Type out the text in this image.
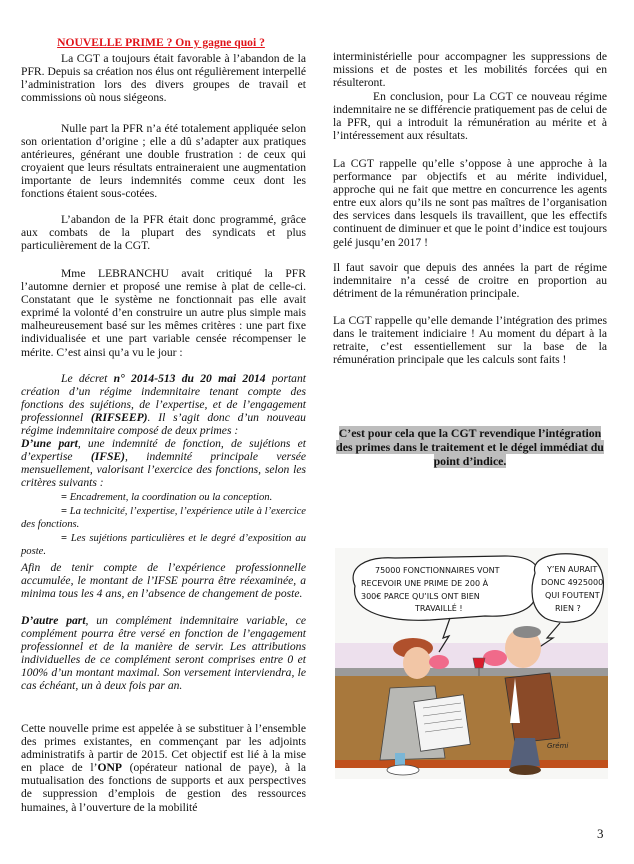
NOUVELLE PRIME ? On y gagne quoi ?

La CGT a toujours était favorable à l’abandon de la PFR. Depuis sa création nos élus ont régulièrement interpellé l’administration lors des divers groupes de travail et commissions où nous siégeons.

Nulle part la PFR n’a été totalement appliquée selon son orientation d’origine ; elle a dû s’adapter aux pratiques antérieures, générant une double frustration : de ceux qui croyaient que leurs résultats entraineraient une augmentation importante de leurs indemnités comme ceux dont les fonctions étaient sous-cotées.

L’abandon de la PFR était donc programmé, grâce aux combats de la plupart des syndicats et plus particulièrement de la CGT.

Mme LEBRANCHU avait critiqué la PFR l’automne dernier et proposé une remise à plat de celle-ci. Constatant que le système ne fonctionnait pas elle avait exprimé la volonté d’en construire un autre plus simple mais malheureusement basé sur les mêmes critères : une part fixe individualisée et une part variable censée récompenser le mérite. C’est ainsi qu’a vu le jour :

Le décret n° 2014-513 du 20 mai 2014 portant création d’un régime indemnitaire tenant compte des fonctions des sujétions, de l’expertise, et de l’engagement professionnel (RIFSEEP). Il s’agit donc d’un nouveau régime indemnitaire composé de deux primes :

D’une part, une indemnité de fonction, de sujétions et d’expertise (IFSE), indemnité principale versée mensuellement, valorisant l’exercice des fonctions, selon les critères suivants :

= Encadrement, la coordination ou la conception.

= La technicité, l’expertise, l’expérience utile à l’exercice des fonctions.

= Les sujétions particulières et le degré d’exposition au poste.

Afin de tenir compte de l’expérience professionnelle accumulée, le montant de l’IFSE pourra être réexaminée, a minima tous les 4 ans, en l’absence de changement de poste.

D’autre part, un complément indemnitaire variable, ce complément pourra être versé en fonction de l’engagement professionnel et de la manière de servir. Les attributions individuelles de ce complément seront comprises entre 0 et 100% d’un montant maximal. Son versement interviendra, le cas échéant, un à deux fois par an.

Cette nouvelle prime est appelée à se substituer à l’ensemble des primes existantes, en commençant par les adjoints administratifs à partir de 2015. Cet objectif est lié à la mise en place de l’ONP (opérateur national de paye), à la mutualisation des fonctions de supports et aux perspectives de suppression d’emplois de gestion des ressources humaines, à l’ouverture de la mobilité

interministérielle pour accompagner les suppressions de missions et de postes et les mobilités forcées qui en résulteront.

En conclusion, pour La CGT ce nouveau régime indemnitaire ne se différencie pratiquement pas de celui de la PFR, qui a introduit la rémunération au mérite et à l’intéressement aux résultats.

La CGT rappelle qu’elle s’oppose à une approche à la performance par objectifs et au mérite individuel, approche qui ne fait que mettre en concurrence les agents entre eux alors qu’ils ne sont pas maîtres de l’organisation des services dans lesquels ils travaillent, que les effectifs continuent de diminuer et que le point d’indice est toujours gelé jusqu’en 2017 !

Il faut savoir que depuis des années la part de régime indemnitaire n’a cessé de croitre en proportion au détriment de la rémunération principale.

La CGT rappelle qu’elle demande l’intégration des primes dans le traitement indiciaire ! Au moment du départ à la retraite, c’est essentiellement sur la base de la rémunération principale que les calculs sont faits !

C’est pour cela que la CGT revendique l’intégration des primes dans le traitement et le dégel immédiat du point d’indice.
75000 FONCTIONNAIRES VONT
RECEVOIR UNE PRIME DE 200 À
300€ PARCE QU’ILS ONT BIEN
TRAVAILLÉ !
Y’EN AURAIT
DONC 4925000
QUI FOUTENT
RIEN ?
Grémi
3
